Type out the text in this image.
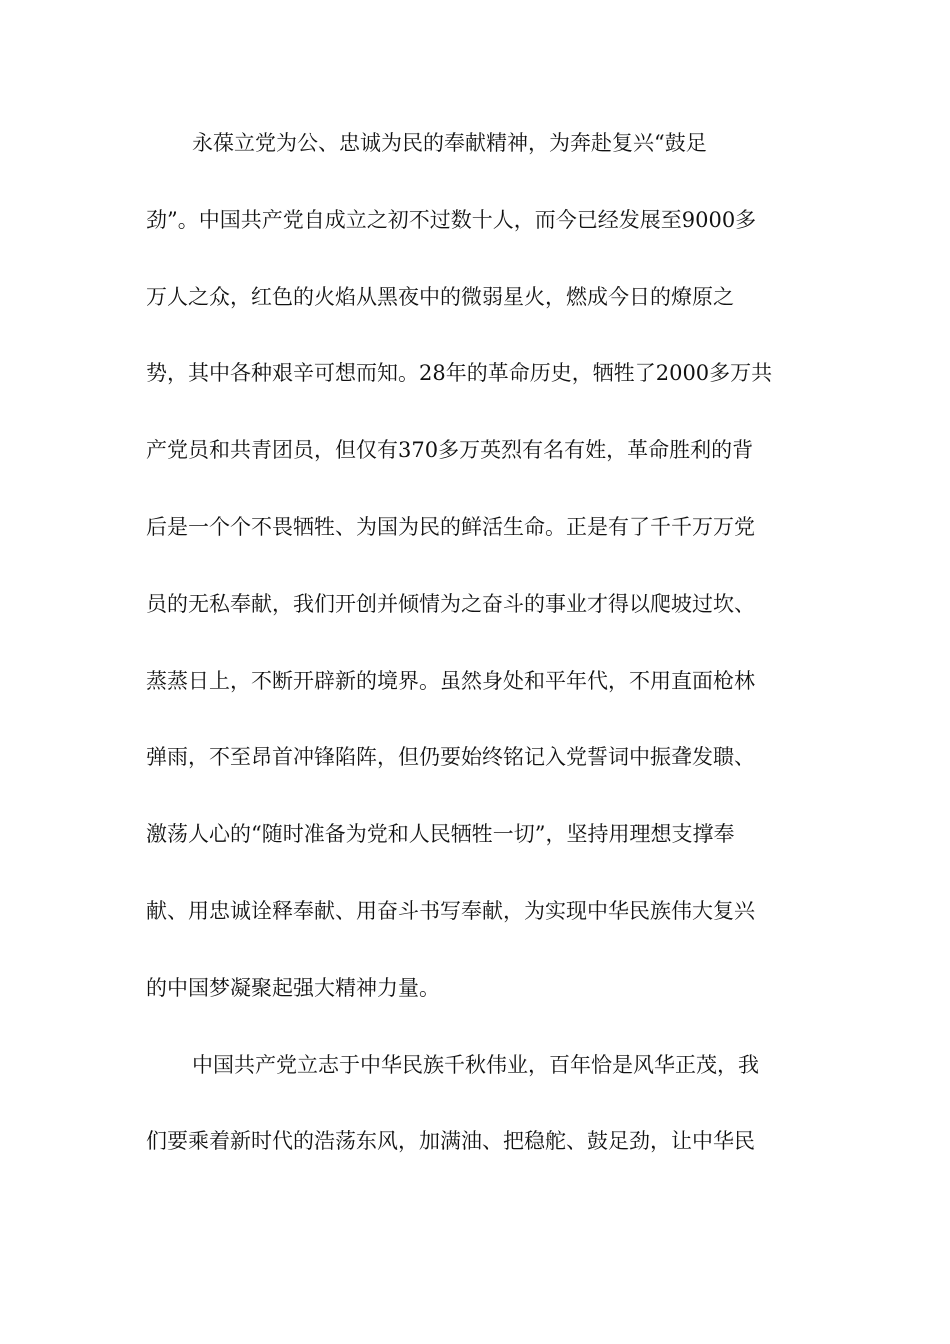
永葆立党为公、忠诚为民的奉献精神，为奔赴复兴“鼓足
劲”。中国共产党自成立之初不过数十人，而今已经发展至9000多
万人之众，红色的火焰从黑夜中的微弱星火，燃成今日的燎原之
势，其中各种艰辛可想而知。28年的革命历史，牺牲了2000多万共
产党员和共青团员，但仅有370多万英烈有名有姓，革命胜利的背
后是一个个不畏牺牲、为国为民的鲜活生命。正是有了千千万万党
员的无私奉献，我们开创并倾情为之奋斗的事业才得以爬坡过坎、
蒸蒸日上，不断开辟新的境界。虽然身处和平年代，不用直面枪林
弹雨，不至昂首冲锋陷阵，但仍要始终铭记入党誓词中振聋发聩、
激荡人心的“随时准备为党和人民牺牲一切”，坚持用理想支撑奉
献、用忠诚诠释奉献、用奋斗书写奉献，为实现中华民族伟大复兴
的中国梦凝聚起强大精神力量。
中国共产党立志于中华民族千秋伟业，百年恰是风华正茂，我
们要乘着新时代的浩荡东风，加满油、把稳舵、鼓足劲，让中华民
